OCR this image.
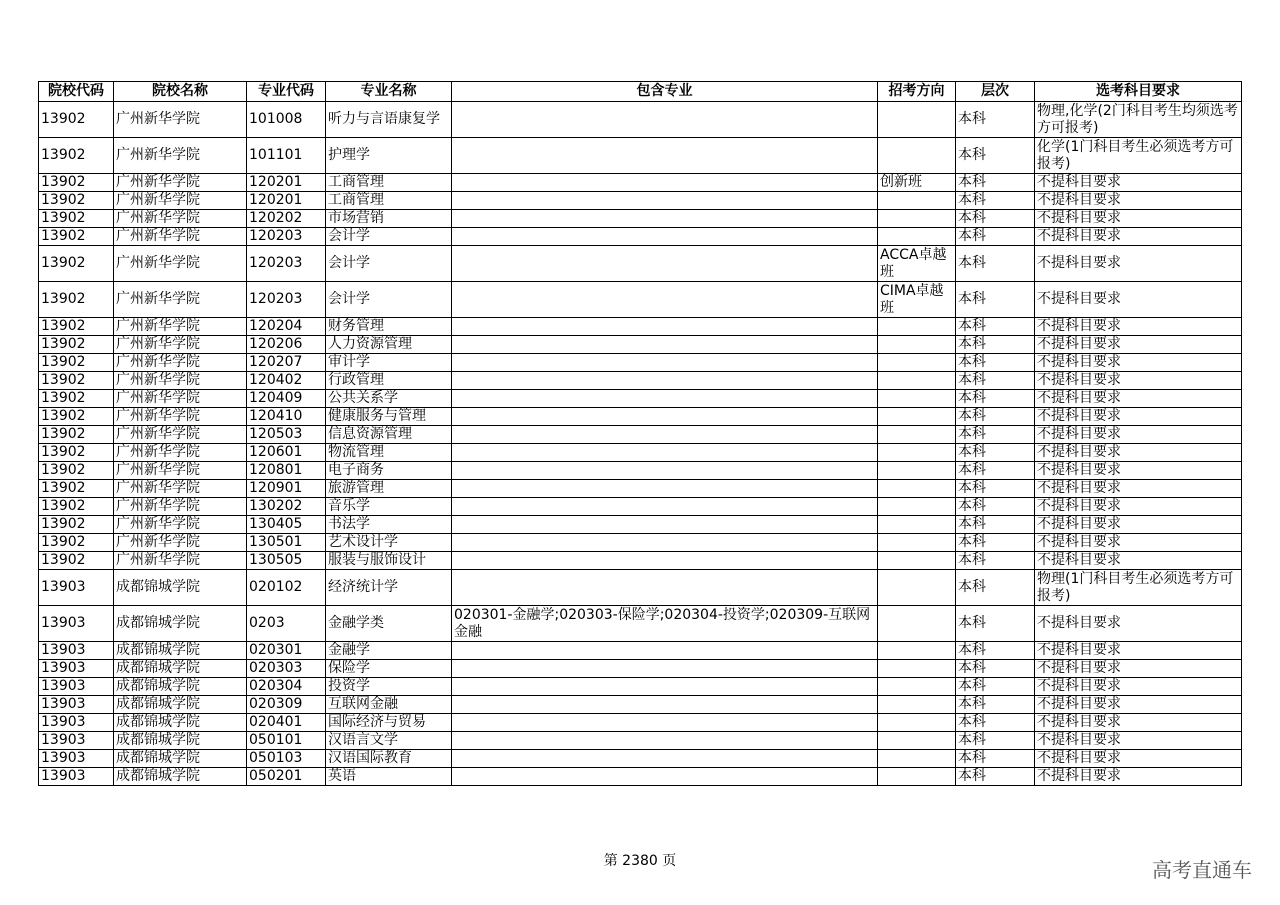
院校代码	院校名称	专业代码	专业名称	包含专业	招考方向	层次	选考科目要求
13902	广州新华学院	101008	听力与言语康复学			本科	物理,化学(2门科目考生均须选考方可报考)
13902	广州新华学院	101101	护理学			本科	化学(1门科目考生必须选考方可报考)
13902	广州新华学院	120201	工商管理		创新班	本科	不提科目要求
13902	广州新华学院	120201	工商管理			本科	不提科目要求
13902	广州新华学院	120202	市场营销			本科	不提科目要求
13902	广州新华学院	120203	会计学			本科	不提科目要求
13902	广州新华学院	120203	会计学		ACCA卓越班	本科	不提科目要求
13902	广州新华学院	120203	会计学		CIMA卓越班	本科	不提科目要求
13902	广州新华学院	120204	财务管理			本科	不提科目要求
13902	广州新华学院	120206	人力资源管理			本科	不提科目要求
13902	广州新华学院	120207	审计学			本科	不提科目要求
13902	广州新华学院	120402	行政管理			本科	不提科目要求
13902	广州新华学院	120409	公共关系学			本科	不提科目要求
13902	广州新华学院	120410	健康服务与管理			本科	不提科目要求
13902	广州新华学院	120503	信息资源管理			本科	不提科目要求
13902	广州新华学院	120601	物流管理			本科	不提科目要求
13902	广州新华学院	120801	电子商务			本科	不提科目要求
13902	广州新华学院	120901	旅游管理			本科	不提科目要求
13902	广州新华学院	130202	音乐学			本科	不提科目要求
13902	广州新华学院	130405	书法学			本科	不提科目要求
13902	广州新华学院	130501	艺术设计学			本科	不提科目要求
13902	广州新华学院	130505	服装与服饰设计			本科	不提科目要求
13903	成都锦城学院	020102	经济统计学			本科	物理(1门科目考生必须选考方可报考)
13903	成都锦城学院	0203	金融学类	020301-金融学;020303-保险学;020304-投资学;020309-互联网金融		本科	不提科目要求
13903	成都锦城学院	020301	金融学			本科	不提科目要求
13903	成都锦城学院	020303	保险学			本科	不提科目要求
13903	成都锦城学院	020304	投资学			本科	不提科目要求
13903	成都锦城学院	020309	互联网金融			本科	不提科目要求
13903	成都锦城学院	020401	国际经济与贸易			本科	不提科目要求
13903	成都锦城学院	050101	汉语言文学			本科	不提科目要求
13903	成都锦城学院	050103	汉语国际教育			本科	不提科目要求
13903	成都锦城学院	050201	英语			本科	不提科目要求
第 2380 页	高考直通车
